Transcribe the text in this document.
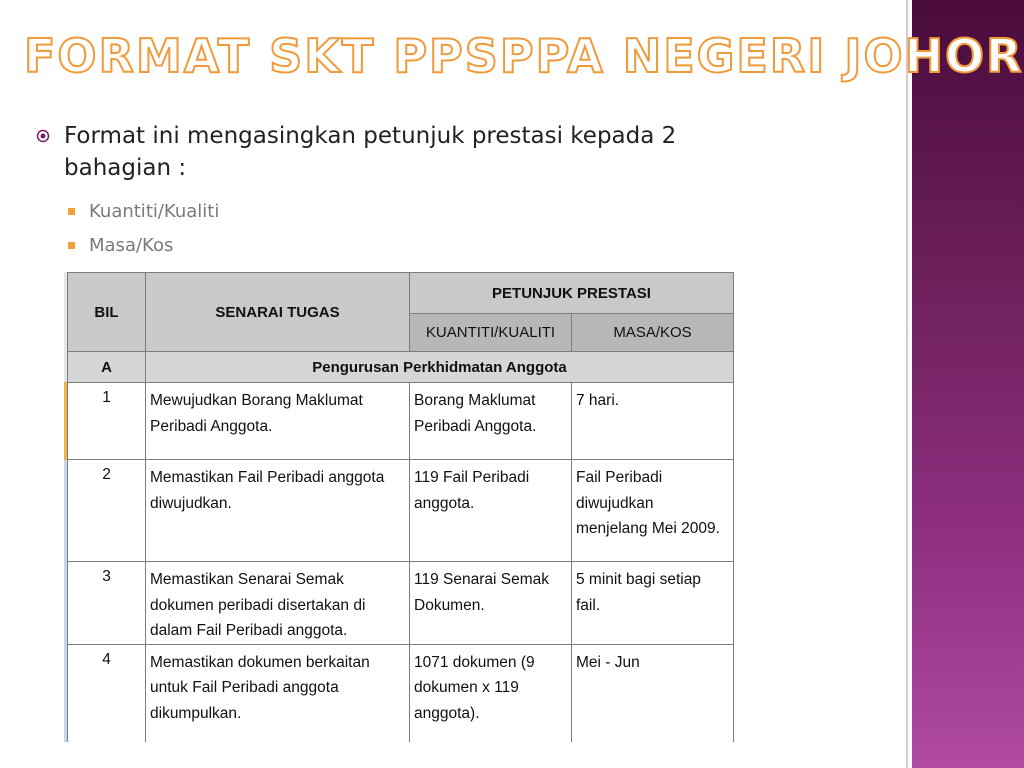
FORMAT SKT PPSPPA NEGERI JOHOR
Format ini mengasingkan petunjuk prestasi kepada 2 bahagian :
Kuantiti/Kualiti
Masa/Kos
BIL	SENARAI TUGAS	PETUNJUK PRESTASI	
		KUANTITI/KUALITI	MASA/KOS
A	Pengurusan Perkhidmatan Anggota		
1	Mewujudkan Borang Maklumat Peribadi Anggota.	Borang Maklumat Peribadi Anggota.	7 hari.
2	Memastikan Fail Peribadi anggota diwujudkan.	119 Fail Peribadi anggota.	Fail Peribadi diwujudkan menjelang Mei 2009.
3	Memastikan Senarai Semak dokumen peribadi disertakan di dalam Fail Peribadi anggota.	119 Senarai Semak Dokumen.	5 minit bagi setiap fail.
4	Memastikan dokumen berkaitan untuk Fail Peribadi anggota dikumpulkan.	1071 dokumen (9 dokumen x 119 anggota).	Mei - Jun
